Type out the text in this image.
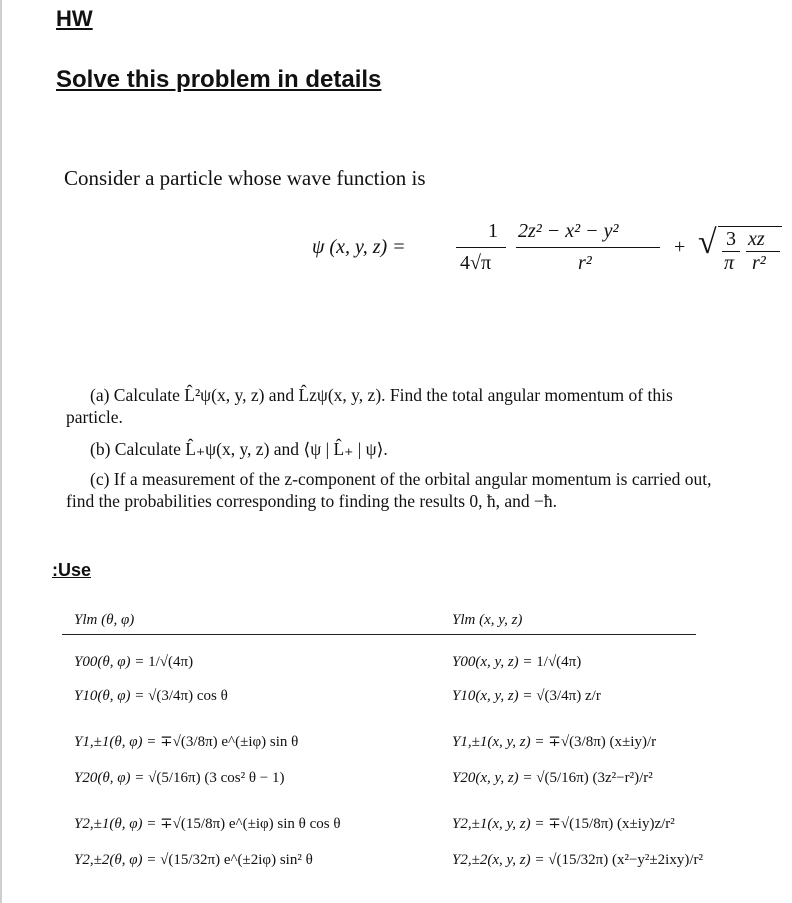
HW
Solve this problem in details
Consider a particle whose wave function is
ψ (x, y, z) =
1
4√π
2z² − x² − y²
r²
+ √ 3
π
xz
r²
(a) Calculate L̂²ψ(x, y, z) and L̂zψ(x, y, z). Find the total angular momentum of this
particle.
(b) Calculate L̂₊ψ(x, y, z) and ⟨ψ | L̂₊ | ψ⟩.
(c) If a measurement of the z-component of the orbital angular momentum is carried out,
find the probabilities corresponding to finding the results 0, ħ, and −ħ.
:Use
Ylm (θ, φ)	Ylm (x, y, z)
Y00(θ, φ) = 1/√(4π)	Y00(x, y, z) = 1/√(4π)
Y10(θ, φ) = √(3/4π) cos θ	Y10(x, y, z) = √(3/4π) z/r
Y1,±1(θ, φ) = ∓√(3/8π) e^(±iφ) sin θ	Y1,±1(x, y, z) = ∓√(3/8π) (x±iy)/r
Y20(θ, φ) = √(5/16π) (3 cos² θ − 1)	Y20(x, y, z) = √(5/16π) (3z²−r²)/r²
Y2,±1(θ, φ) = ∓√(15/8π) e^(±iφ) sin θ cos θ	Y2,±1(x, y, z) = ∓√(15/8π) (x±iy)z/r²
Y2,±2(θ, φ) = √(15/32π) e^(±2iφ) sin² θ	Y2,±2(x, y, z) = √(15/32π) (x²−y²±2ixy)/r²
